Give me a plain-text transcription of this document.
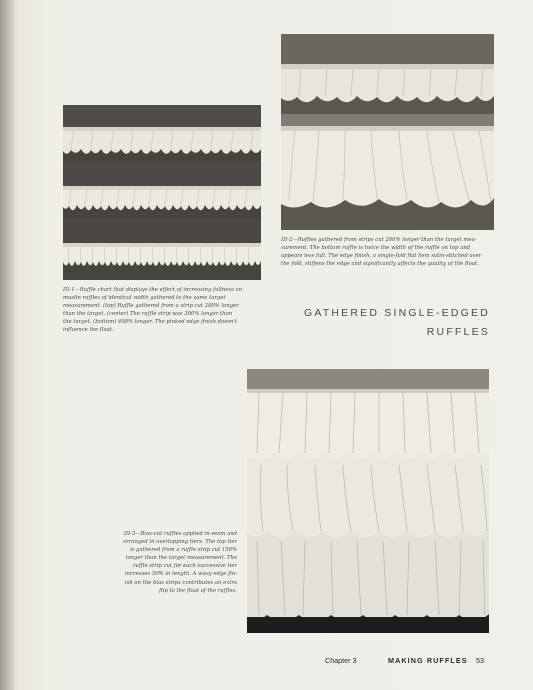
III-1—Ruffle chart that displays the effect of increasing fullness on
muslin ruffles of identical width gathered to the same target
measurement. (top) Ruffle gathered from a strip cut 200% longer
than the target. (center) The ruffle strip was 300% longer than
the target. (bottom) 400% longer. The pinked edge finish doesn't
influence the float.
III-2—Ruffles gathered from strips cut 200% longer than the target mea-
surement. The bottom ruffle is twice the width of the ruffle on top and
appears less full. The edge finish, a single-fold flat hem satin-stitched over
the fold, stiffens the edge and significantly affects the quality of the float.
GATHERED SINGLE-EDGED
RUFFLES
III-3—Bias-cut ruffles applied in-seam and
arranged in overlapping tiers. The top tier
is gathered from a ruffle strip cut 150%
longer than the target measurement. The
ruffle strip cut for each successive tier
increases 50% in length. A wavy edge fin-
ish on the bias strips contributes an extra
flip to the float of the ruffles.
Chapter 3	MAKING RUFFLES 53
